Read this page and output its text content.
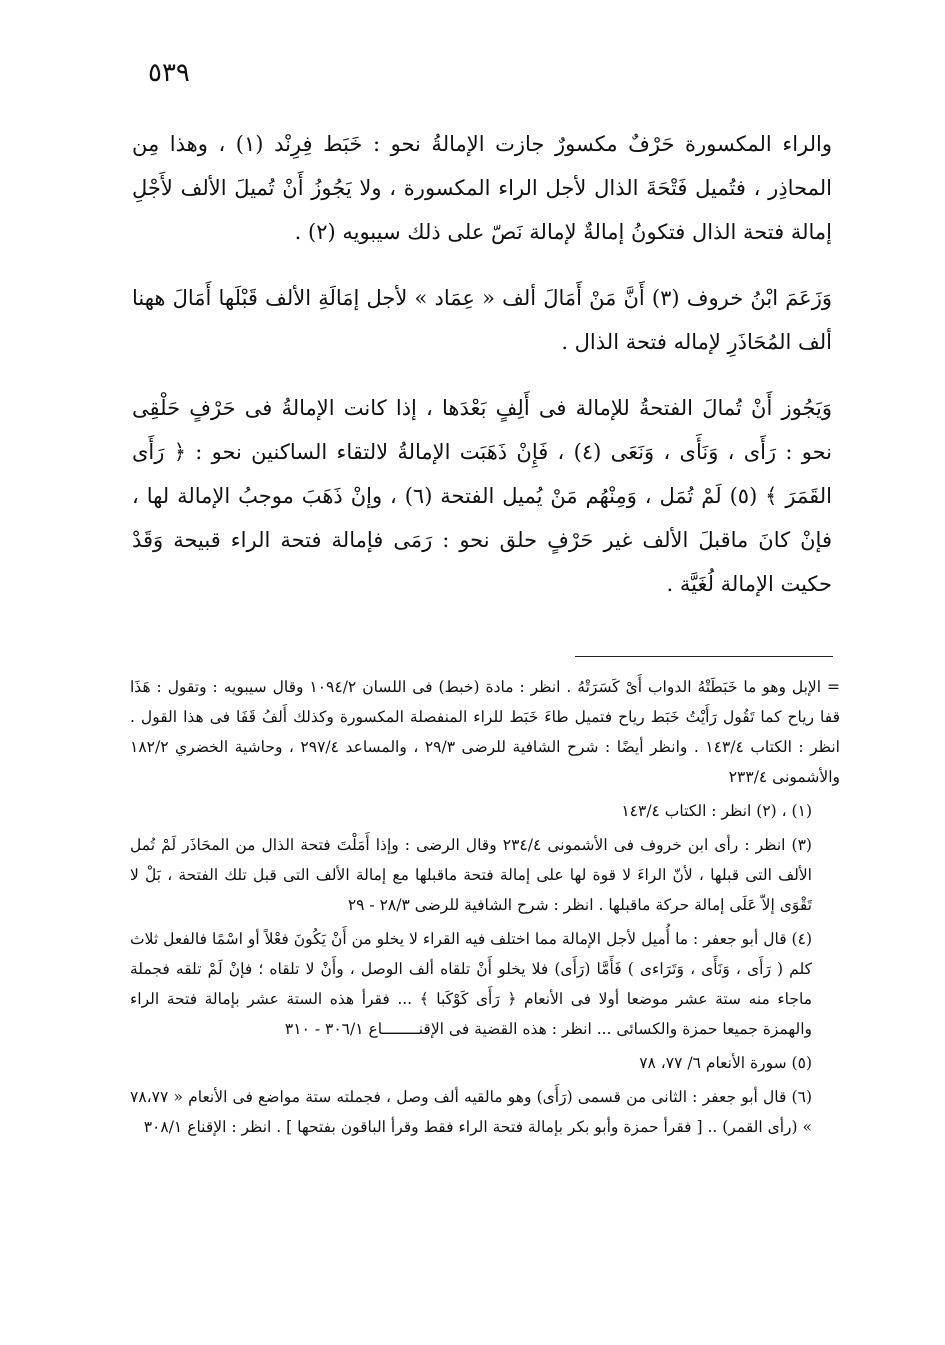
٥٣٩

والراء المكسورة حَرْفٌ مكسورٌ جازت الإمالةُ نحو : خَبَط فِرِنْد (١) ، وهذا مِن المحاذِر ، فتُميل فَتْحَةَ الذال لأجل الراء المكسورة ، ولا يَجُوزُ أَنْ تُميلَ الألف لأَجْلِ إمالة فتحة الذال فتكونُ إمالةٌ لإمالة نَصّ على ذلك سيبويه (٢) .

وَزَعَمَ ابْنُ خروف (٣) أَنَّ مَنْ أَمَالَ ألف « عِمَاد » لأجل إمَالَةِ الألف قَبْلَها أَمَالَ ههنا ألف المُحَاذَرِ لإماله فتحة الذال .

وَيَجُوز أَنْ تُمالَ الفتحةُ للإمالة فى أَلِفٍ بَعْدَها ، إذا كانت الإمالةُ فى حَرْفٍ حَلْقِى نحو : رَأَى ، وَنَأَى ، وَنَعَى (٤) ، فَإِنْ ذَهَبَت الإمالةُ لالتقاء الساكنين نحو : ﴿ رَأَى القَمَرَ ﴾ (٥) لَمْ تُمَل ، وَمِنْهُم مَنْ يُميل الفتحة (٦) ، وإنْ ذَهَبَ موجبُ الإمالة لها ، فإنْ كانَ ماقبلَ الألف غير حَرْفٍ حلق نحو : رَمَى فإمالة فتحة الراء قبيحة وَقَدْ حكيت الإمالة لُغَيَّة .

= الإبل وهو ما خَبَطَتْهُ الدواب أَىْ كَسَرَتْهُ . انظر : مادة (خبط) فى اللسان ١٠٩٤/٢ وقال سيبويه : وتقول : هَذَا قفا رياح كما تَقُول رَأَيْتُ خَبَط رياح فتميل طاءَ خَبَط للراء المنفصلة المكسورة وكذلك أَلفُ قَفَا فى هذا القول . انظر : الكتاب ١٤٣/٤ . وانظر أيضًا : شرح الشافية للرضى ٢٩/٣ ، والمساعد ٢٩٧/٤ ، وحاشية الخضري ١٨٢/٢ والأشمونى ٢٣٣/٤

(١) ، (٢) انظر : الكتاب ١٤٣/٤

(٣) انظر : رأى ابن خروف فى الأشمونى ٢٣٤/٤ وقال الرضى : وإذا أَمَلْتَ فتحة الذال من المحَاذَر لَمْ تُمل الألف التى قبلها ، لأنّ الراءَ لا قوة لها على إمالة فتحة ماقبلها مع إمالة الألف التى قبل تلك الفتحة ، بَلْ لا تَقْوَى إلاّ عَلَى إمالة حركة ماقبلها . انظر : شرح الشافية للرضى ٢٨/٣ - ٢٩

(٤) قال أبو جعفر : ما أُميل لأجل الإمالة مما اختلف فيه القراء لا يخلو من أَنْ يَكُونَ فعْلاً أو اسْمًا فالفعل ثلاث كلم ( رَأَى ، وَنَأَى ، وَتَرَاءى ) فَأَمَّا (رَأَى) فلا يخلو أَنْ تلقاه ألف الوصل ، وأَنْ لا تلقاه ؛ فإنْ لَمْ تلقه فجملة ماجاء منه ستة عشر موضعا أولا فى الأنعام ﴿ رَأَى كَوْكَبا ﴾ ... فقرأ هذه الستة عشر بإمالة فتحة الراء والهمزة جميعا حمزة والكسائى ... انظر : هذه القضية فى الإقنــــــــاع ٣٠٦/١ - ٣١٠

(٥) سورة الأنعام ٦/ ٧٧، ٧٨

(٦) قال أبو جعفر : الثانى من قسمى (رَأَى) وهو مالقيه ألف وصل ، فجملته ستة مواضع فى الأنعام « ٧٨،٧٧ » (رأى القمر) .. [ فقرأ حمزة وأبو بكر بإمالة فتحة الراء فقط وقرأ الباقون بفتحها ] . انظر : الإقناع ٣٠٨/١
